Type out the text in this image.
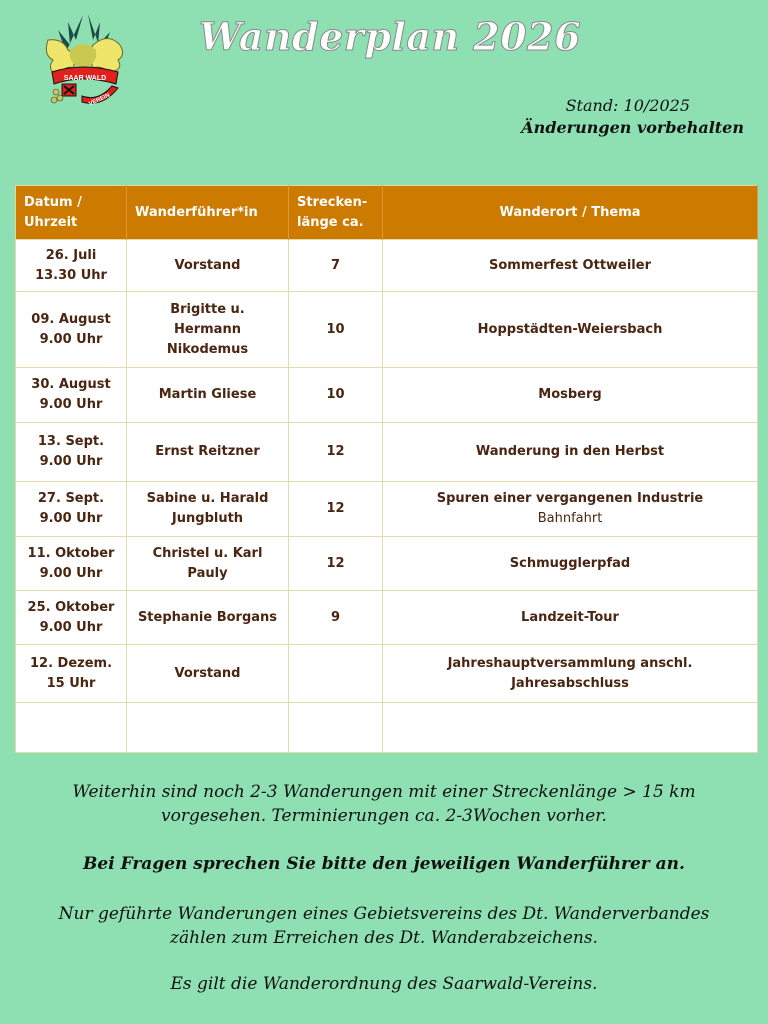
SAAR WALD
VEREIN
Wanderplan 2026
Stand: 10/2025
Änderungen vorbehalten
Datum / Uhrzeit	Wanderführer*in	Strecken- länge ca.	Wanderort / Thema

26. Juli
13.30 Uhr	Vorstand	7	Sommerfest Ottweiler

09. August
9.00 Uhr	Brigitte u.
Hermann
Nikodemus	10	Hoppstädten-Weiersbach

30. August
9.00 Uhr	Martin Gliese	10	Mosberg

13. Sept.
9.00 Uhr	Ernst Reitzner	12	Wanderung in den Herbst

27. Sept.
9.00 Uhr	Sabine u. Harald
Jungbluth	12	Spuren einer vergangenen Industrie
Bahnfahrt

11. Oktober
9.00 Uhr	Christel u. Karl
Pauly	12	Schmugglerpfad

25. Oktober
9.00 Uhr	Stephanie Borgans	9	Landzeit-Tour

12. Dezem.
15 Uhr	Vorstand		Jahreshauptversammlung anschl.
Jahresabschluss

Weiterhin sind noch 2-3 Wanderungen mit einer Streckenlänge > 15 km
vorgesehen. Terminierungen ca. 2-3Wochen vorher.
Bei Fragen sprechen Sie bitte den jeweiligen Wanderführer an.
Nur geführte Wanderungen eines Gebietsvereins des Dt. Wanderverbandes
zählen zum Erreichen des Dt. Wanderabzeichens.
Es gilt die Wanderordnung des Saarwald-Vereins.
